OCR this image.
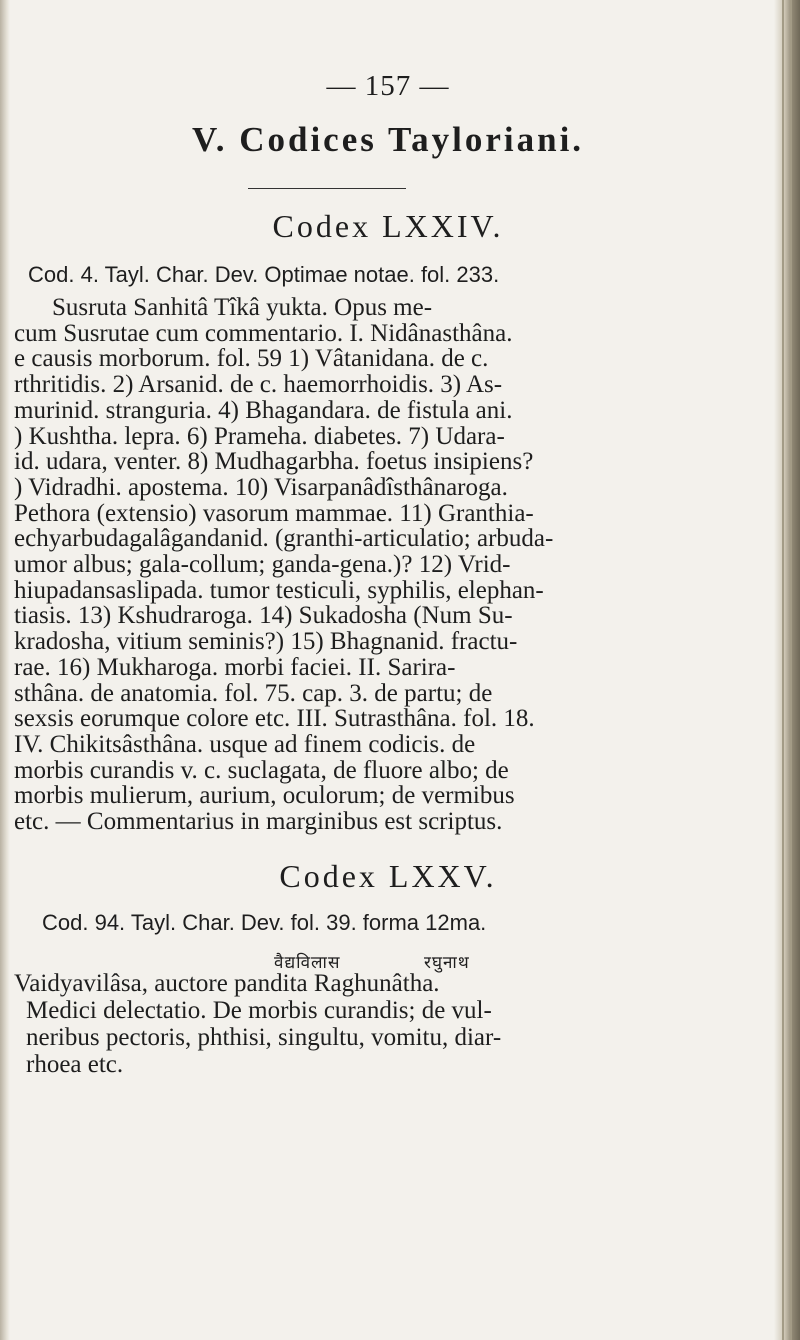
— 157 —
V. Codices Tayloriani.
Codex LXXIV.
Cod. 4. Tayl. Char. Dev. Optimae notae. fol. 233.
Susruta Sanhitâ Tîkâ yukta. Opus me-
cum Susrutae cum commentario. I. Nidânasthâna.
e causis morborum. fol. 59 1) Vâtanidana. de c.
rthritidis. 2) Arsanid. de c. haemorrhoidis. 3) As-
murinid. stranguria. 4) Bhagandara. de fistula ani.
) Kushtha. lepra. 6) Prameha. diabetes. 7) Udara-
id. udara, venter. 8) Mudhagarbha. foetus insipiens?
) Vidradhi. apostema. 10) Visarpanâdîsthânaroga.
Pethora (extensio) vasorum mammae. 11) Granthia-
echyarbudagalâgandanid. (granthi-articulatio; arbuda-
umor albus; gala-collum; ganda-gena.)? 12) Vrid-
hiupadansaslipada. tumor testiculi, syphilis, elephan-
tiasis. 13) Kshudraroga. 14) Sukadosha (Num Su-
kradosha, vitium seminis?) 15) Bhagnanid. fractu-
rae. 16) Mukharoga. morbi faciei. II. Sarira-
sthâna. de anatomia. fol. 75. cap. 3. de partu; de
sexsis eorumque colore etc. III. Sutrasthâna. fol. 18.
IV. Chikitsâsthâna. usque ad finem codicis. de
morbis curandis v. c. suclagata, de fluore albo; de
morbis mulierum, aurium, oculorum; de vermibus
etc. — Commentarius in marginibus est scriptus.
Codex LXXV.
Cod. 94. Tayl. Char. Dev. fol. 39. forma 12ma.
वैद्यविलास	रघुनाथ
Vaidyavilâsa, auctore pandita Raghunâtha.
Medici delectatio. De morbis curandis; de vul-
neribus pectoris, phthisi, singultu, vomitu, diar-
rhoea etc.
